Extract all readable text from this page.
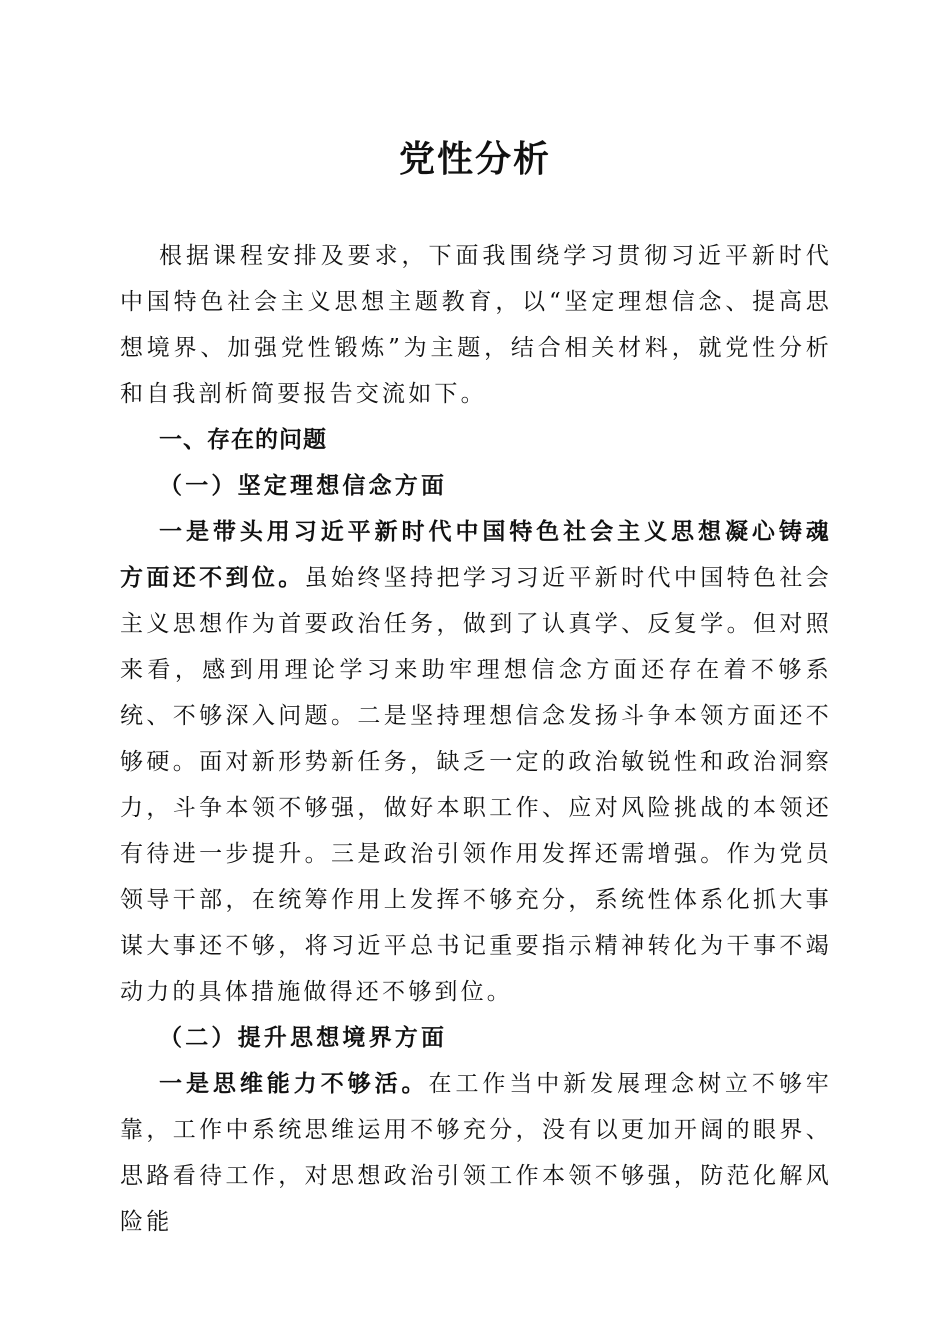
党性分析

根据课程安排及要求，下面我围绕学习贯彻习近平新时代中国特色社会主义思想主题教育，以“坚定理想信念、提高思想境界、加强党性锻炼”为主题，结合相关材料，就党性分析和自我剖析简要报告交流如下。

一、存在的问题

（一）坚定理想信念方面

一是带头用习近平新时代中国特色社会主义思想凝心铸魂方面还不到位。虽始终坚持把学习习近平新时代中国特色社会主义思想作为首要政治任务，做到了认真学、反复学。但对照来看，感到用理论学习来助牢理想信念方面还存在着不够系统、不够深入问题。二是坚持理想信念发扬斗争本领方面还不够硬。面对新形势新任务，缺乏一定的政治敏锐性和政治洞察力，斗争本领不够强，做好本职工作、应对风险挑战的本领还有待进一步提升。三是政治引领作用发挥还需增强。作为党员领导干部，在统筹作用上发挥不够充分，系统性体系化抓大事谋大事还不够，将习近平总书记重要指示精神转化为干事不竭动力的具体措施做得还不够到位。

（二）提升思想境界方面

一是思维能力不够活。在工作当中新发展理念树立不够牢靠，工作中系统思维运用不够充分，没有以更加开阔的眼界、思路看待工作，对思想政治引领工作本领不够强，防范化解风险能
